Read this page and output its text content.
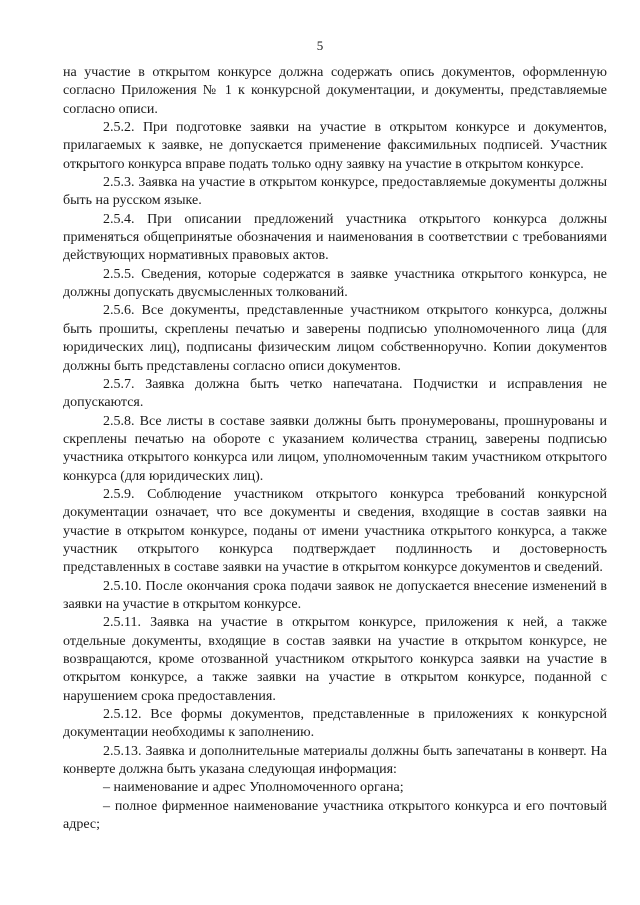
5

на участие в открытом конкурсе должна содержать опись документов, оформленную согласно Приложения № 1 к конкурсной документации, и документы, представляемые согласно описи.

2.5.2. При подготовке заявки на участие в открытом конкурсе и документов, прилагаемых к заявке, не допускается применение факсимильных подписей. Участник открытого конкурса вправе подать только одну заявку на участие в открытом конкурсе.

2.5.3. Заявка на участие в открытом конкурсе, предоставляемые документы должны быть на русском языке.

2.5.4. При описании предложений участника открытого конкурса должны применяться общепринятые обозначения и наименования в соответствии с требованиями действующих нормативных правовых актов.

2.5.5. Сведения, которые содержатся в заявке участника открытого конкурса, не должны допускать двусмысленных толкований.

2.5.6. Все документы, представленные участником открытого конкурса, должны быть прошиты, скреплены печатью и заверены подписью уполномоченного лица (для юридических лиц), подписаны физическим лицом собственноручно. Копии документов должны быть представлены согласно описи документов.

2.5.7. Заявка должна быть четко напечатана. Подчистки и исправления не допускаются.

2.5.8. Все листы в составе заявки должны быть пронумерованы, прошнурованы и скреплены печатью на обороте с указанием количества страниц, заверены подписью участника открытого конкурса или лицом, уполномоченным таким участником открытого конкурса (для юридических лиц).

2.5.9. Соблюдение участником открытого конкурса требований конкурсной документации означает, что все документы и сведения, входящие в состав заявки на участие в открытом конкурсе, поданы от имени участника открытого конкурса, а также участник открытого конкурса подтверждает подлинность и достоверность представленных в составе заявки на участие в открытом конкурсе документов и сведений.

2.5.10. После окончания срока подачи заявок не допускается внесение изменений в заявки на участие в открытом конкурсе.

2.5.11. Заявка на участие в открытом конкурсе, приложения к ней, а также отдельные документы, входящие в состав заявки на участие в открытом конкурсе, не возвращаются, кроме отозванной участником открытого конкурса заявки на участие в открытом конкурсе, а также заявки на участие в открытом конкурсе, поданной с нарушением срока предоставления.

2.5.12. Все формы документов, представленные в приложениях к конкурсной документации необходимы к заполнению.

2.5.13. Заявка и дополнительные материалы должны быть запечатаны в конверт. На конверте должна быть указана следующая информация:

– наименование и адрес Уполномоченного органа;

– полное фирменное наименование участника открытого конкурса и его почтовый адрес;
